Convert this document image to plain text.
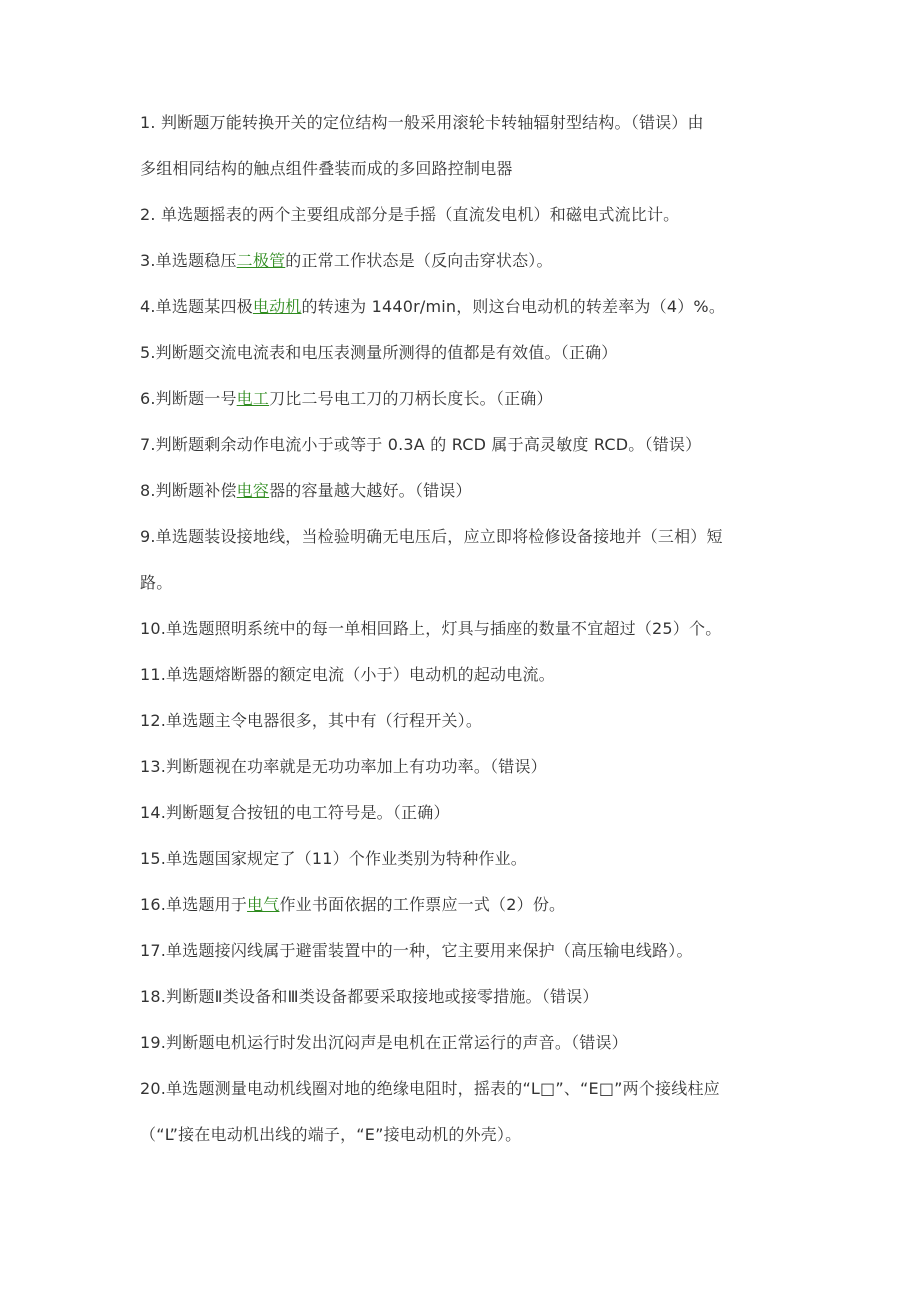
1. 判断题万能转换开关的定位结构一般采用滚轮卡转轴辐射型结构。（错误）由
多组相同结构的触点组件叠装而成的多回路控制电器
2. 单选题摇表的两个主要组成部分是手摇（直流发电机）和磁电式流比计。
3.单选题稳压二极管的正常工作状态是（反向击穿状态）。
4.单选题某四极电动机的转速为 1440r/min，则这台电动机的转差率为（4）%。
5.判断题交流电流表和电压表测量所测得的值都是有效值。（正确）
6.判断题一号电工刀比二号电工刀的刀柄长度长。（正确）
7.判断题剩余动作电流小于或等于 0.3A 的 RCD 属于高灵敏度 RCD。（错误）
8.判断题补偿电容器的容量越大越好。（错误）
9.单选题装设接地线，当检验明确无电压后，应立即将检修设备接地并（三相）短
路。
10.单选题照明系统中的每一单相回路上，灯具与插座的数量不宜超过（25）个。
11.单选题熔断器的额定电流（小于）电动机的起动电流。
12.单选题主令电器很多，其中有（行程开关）。
13.判断题视在功率就是无功功率加上有功功率。（错误）
14.判断题复合按钮的电工符号是。（正确）
15.单选题国家规定了（11）个作业类别为特种作业。
16.单选题用于电气作业书面依据的工作票应一式（2）份。
17.单选题接闪线属于避雷装置中的一种，它主要用来保护（高压输电线路）。
18.判断题Ⅱ类设备和Ⅲ类设备都要采取接地或接零措施。（错误）
19.判断题电机运行时发出沉闷声是电机在正常运行的声音。（错误）
20.单选题测量电动机线圈对地的绝缘电阻时，摇表的“L□”、“E□”两个接线柱应
（“L”接在电动机出线的端子，“E”接电动机的外壳）。
